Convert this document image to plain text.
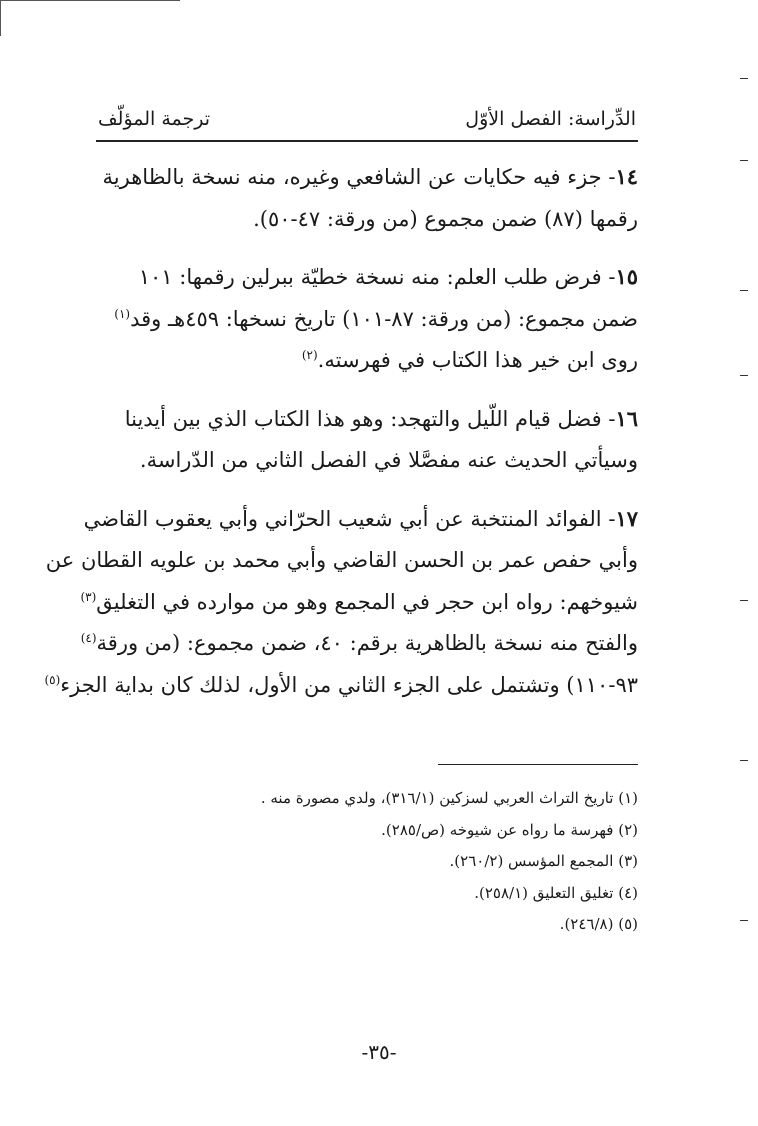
الدِّراسة: الفصل الأوّل
ترجمة المؤلّف

١٤- جزء فيه حكايات عن الشافعي وغيره، منه نسخة بالظاهرية
رقمها (٨٧) ضمن مجموع (من ورقة: ٤٧-٥٠).

١٥- فرض طلب العلم: منه نسخة خطيّة ببرلين رقمها: ١٠١
ضمن مجموع: (من ورقة: ٨٧-١٠١) تاريخ نسخها: ٤٥٩هـ وقد$^{(١)}$
روى ابن خير هذا الكتاب في فهرسته.$^{(٢)}$

١٦- فضل قيام اللّيل والتهجد: وهو هذا الكتاب الذي بين أيدينا
وسيأتي الحديث عنه مفصَّلا في الفصل الثاني من الدّراسة.

١٧- الفوائد المنتخبة عن أبي شعيب الحرّاني وأبي يعقوب القاضي
وأبي حفص عمر بن الحسن القاضي وأبي محمد بن علويه القطان عن
شيوخهم: رواه ابن حجر في المجمع وهو من موارده في التغليق$^{(٣)}$
والفتح منه نسخة بالظاهرية برقم: ٤٠، ضمن مجموع: (من ورقة$^{(٤)}$
٩٣-١١٠) وتشتمل على الجزء الثاني من الأول، لذلك كان بداية الجزء$^{(٥)}$

(١) تاريخ التراث العربي لسزكين (٣١٦/١)، ولدي مصورة منه .
(٢) فهرسة ما رواه عن شيوخه (ص/٢٨٥).
(٣) المجمع المؤسس (٢٦٠/٢).
(٤) تغليق التعليق (٢٥٨/١).
(٥) (٢٤٦/٨).
-٣٥-
